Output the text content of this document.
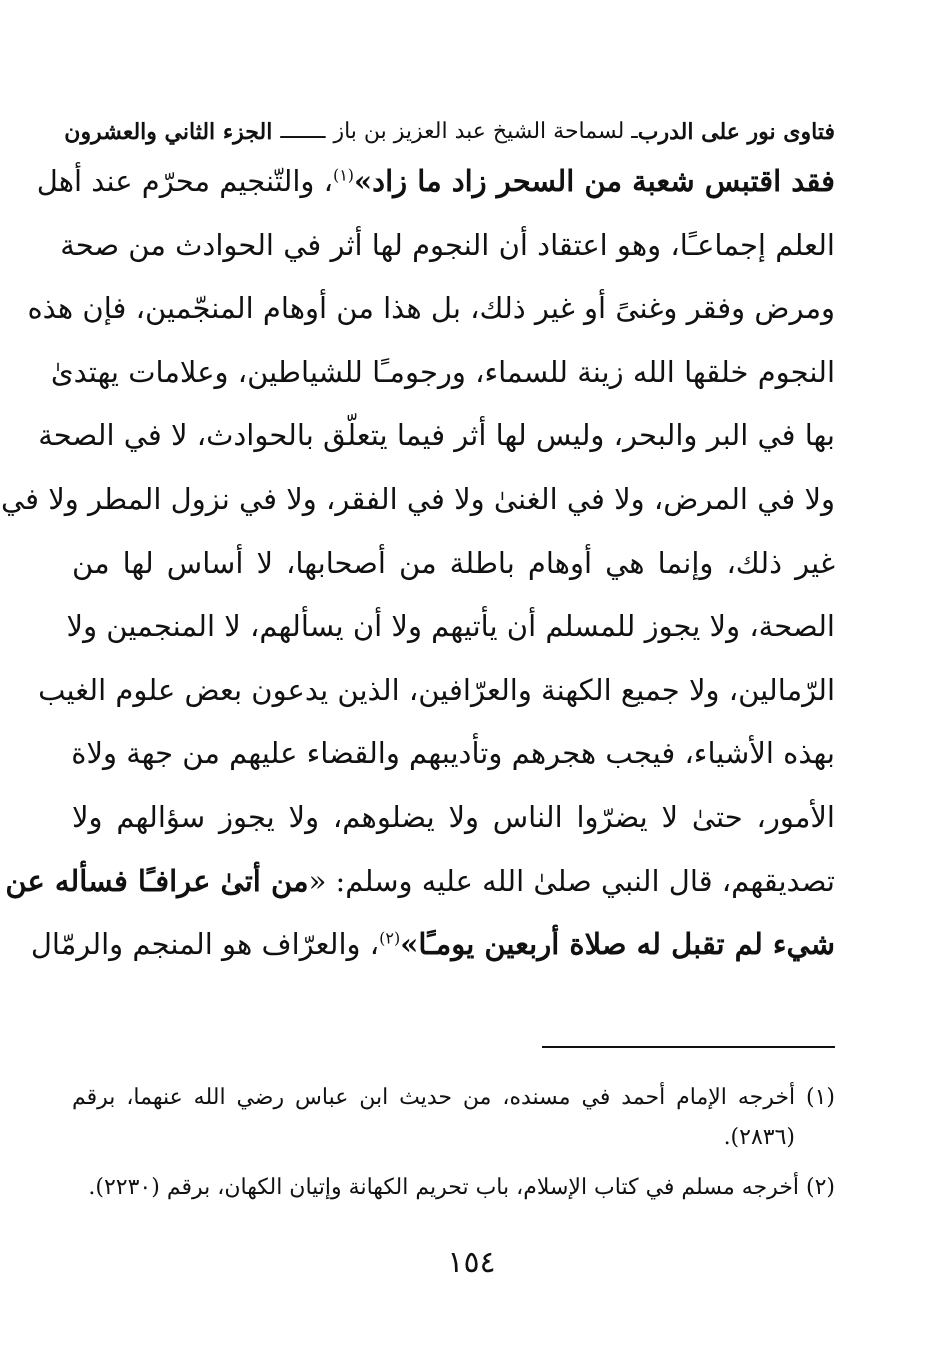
فتاوى نور على الدرب
ـ لسماحة الشيخ عبد العزيز بن باز
ـــــــ
الجزء الثاني والعشرون
فقد اقتبس شعبة من السحر زاد ما زاد»$^{(١)}$، والتّنجيم محرّم عند أهل
العلم إجماعـًا، وهو اعتقاد أن النجوم لها أثر في الحوادث من صحة
ومرض وفقر وغنىً أو غير ذلك، بل هذا من أوهام المنجّمين، فإن هذه
النجوم خلقها الله زينة للسماء، ورجومـًا للشياطين، وعلامات يهتدىٰ
بها في البر والبحر، وليس لها أثر فيما يتعلّق بالحوادث، لا في الصحة
ولا في المرض، ولا في الغنىٰ ولا في الفقر، ولا في نزول المطر ولا في
غير ذلك، وإنما هي أوهام باطلة من أصحابها، لا أساس لها من
الصحة، ولا يجوز للمسلم أن يأتيهم ولا أن يسألهم، لا المنجمين ولا
الرّمالين، ولا جميع الكهنة والعرّافين، الذين يدعون بعض علوم الغيب
بهذه الأشياء، فيجب هجرهم وتأديبهم والقضاء عليهم من جهة ولاة
الأمور، حتىٰ لا يضرّوا الناس ولا يضلوهم، ولا يجوز سؤالهم ولا
تصديقهم، قال النبي صلىٰ الله عليه وسلم: «من أتىٰ عرافـًا فسأله عن
شيء لم تقبل له صلاة أربعين يومـًا»$^{(٢)}$، والعرّاف هو المنجم والرمّال
(١) أخرجه الإمام أحمد في مسنده، من حديث ابن عباس رضي الله عنهما، برقم
(٢٨٣٦).
(٢) أخرجه مسلم في كتاب الإسلام، باب تحريم الكهانة وإتيان الكهان، برقم (٢٢٣٠).
١٥٤
